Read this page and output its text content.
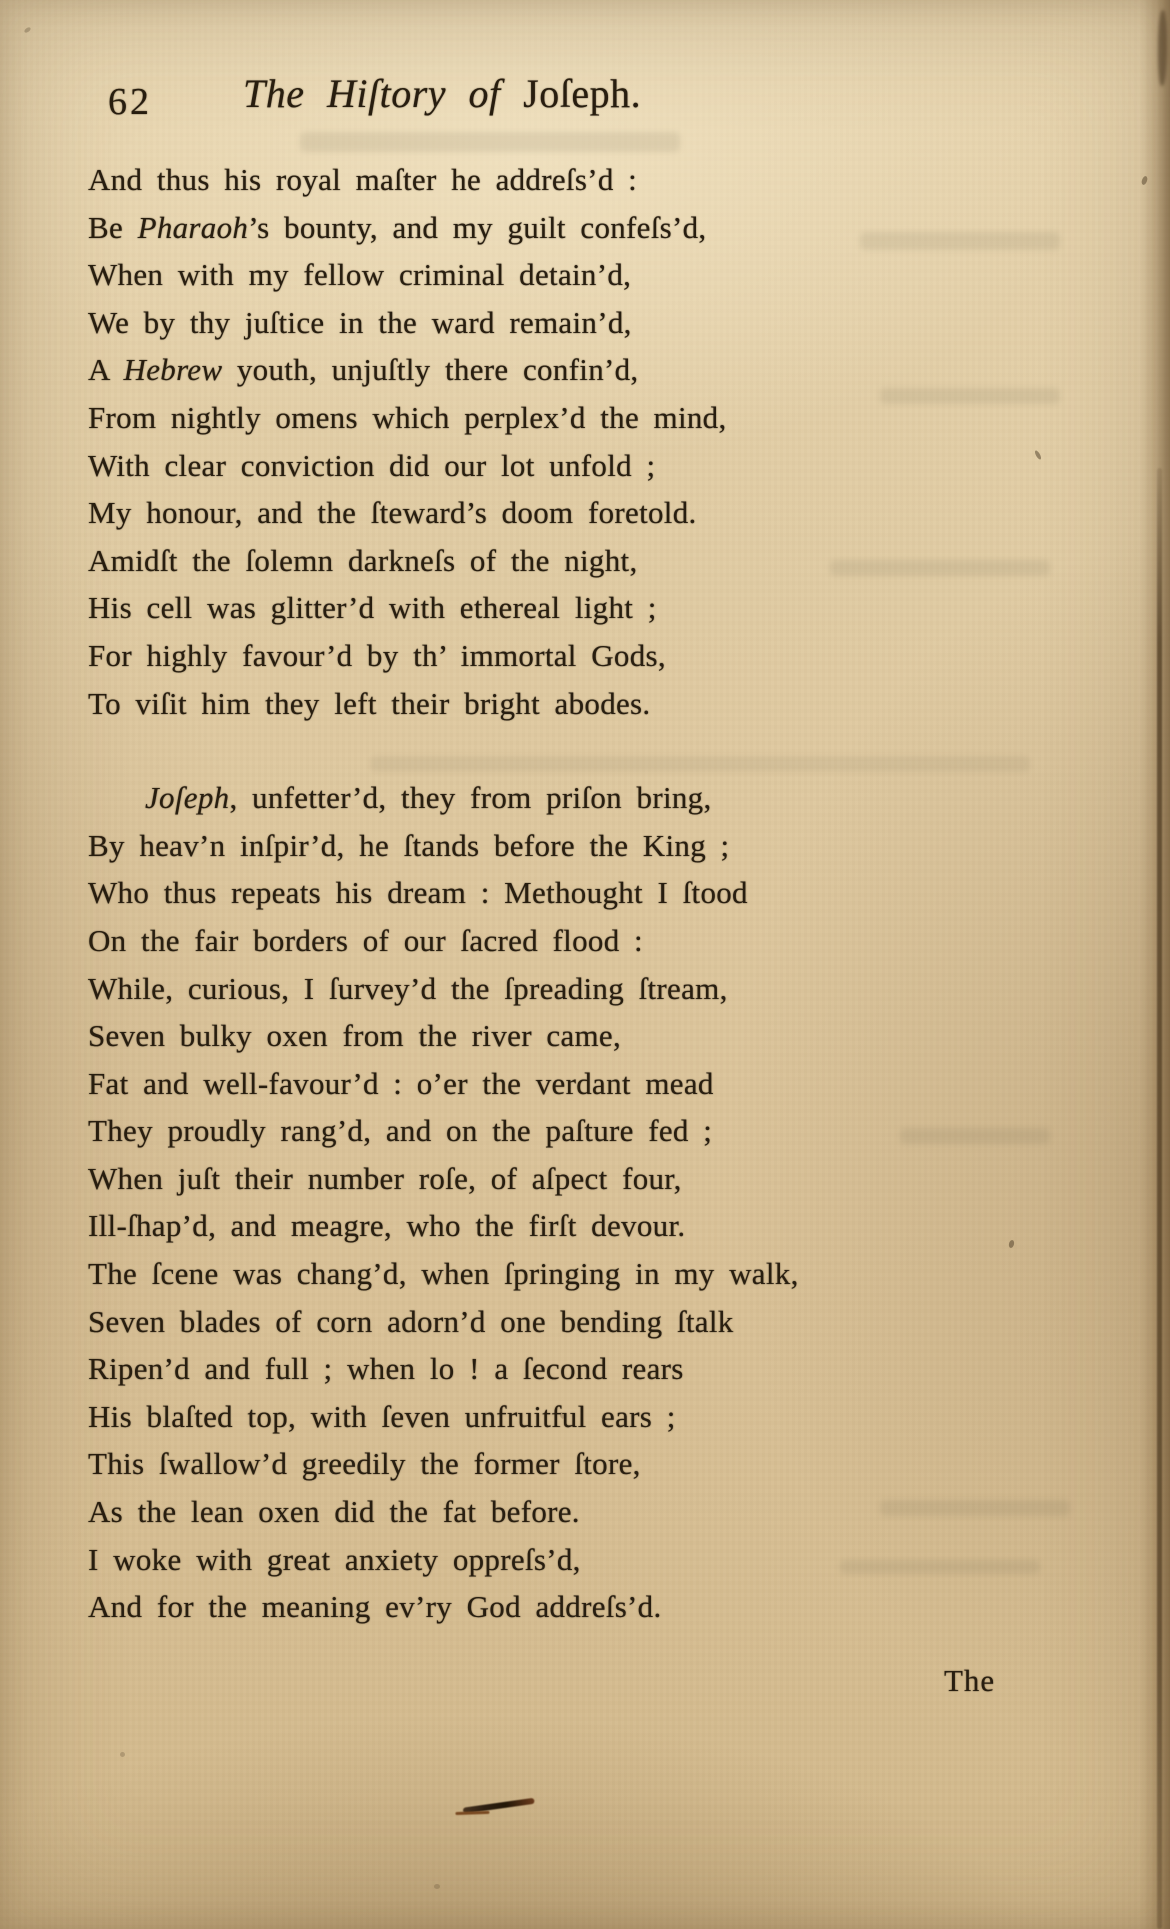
62 The Hiſtory of Joſeph.
And thus his royal maſter he addreſs’d :
Be Pharaoh’s bounty, and my guilt confeſs’d,
When with my fellow criminal detain’d,
We by thy juſtice in the ward remain’d,
A Hebrew youth, unjuſtly there confin’d,
From nightly omens which perplex’d the mind,
With clear conviction did our lot unfold ;
My honour, and the ſteward’s doom foretold.
Amidſt the ſolemn darkneſs of the night,
His cell was glitter’d with ethereal light ;
For highly favour’d by th’ immortal Gods,
To viſit him they left their bright abodes.
Joſeph, unfetter’d, they from priſon bring,
By heav’n inſpir’d, he ſtands before the King ;
Who thus repeats his dream : Methought I ſtood
On the fair borders of our ſacred flood :
While, curious, I ſurvey’d the ſpreading ſtream,
Seven bulky oxen from the river came,
Fat and well-favour’d : o’er the verdant mead
They proudly rang’d, and on the paſture fed ;
When juſt their number roſe, of aſpect four,
Ill-ſhap’d, and meagre, who the firſt devour.
The ſcene was chang’d, when ſpringing in my walk,
Seven blades of corn adorn’d one bending ſtalk
Ripen’d and full ; when lo ! a ſecond rears
His blaſted top, with ſeven unfruitful ears ;
This ſwallow’d greedily the former ſtore,
As the lean oxen did the fat before.
I woke with great anxiety oppreſs’d,
And for the meaning ev’ry God addreſs’d.
The
